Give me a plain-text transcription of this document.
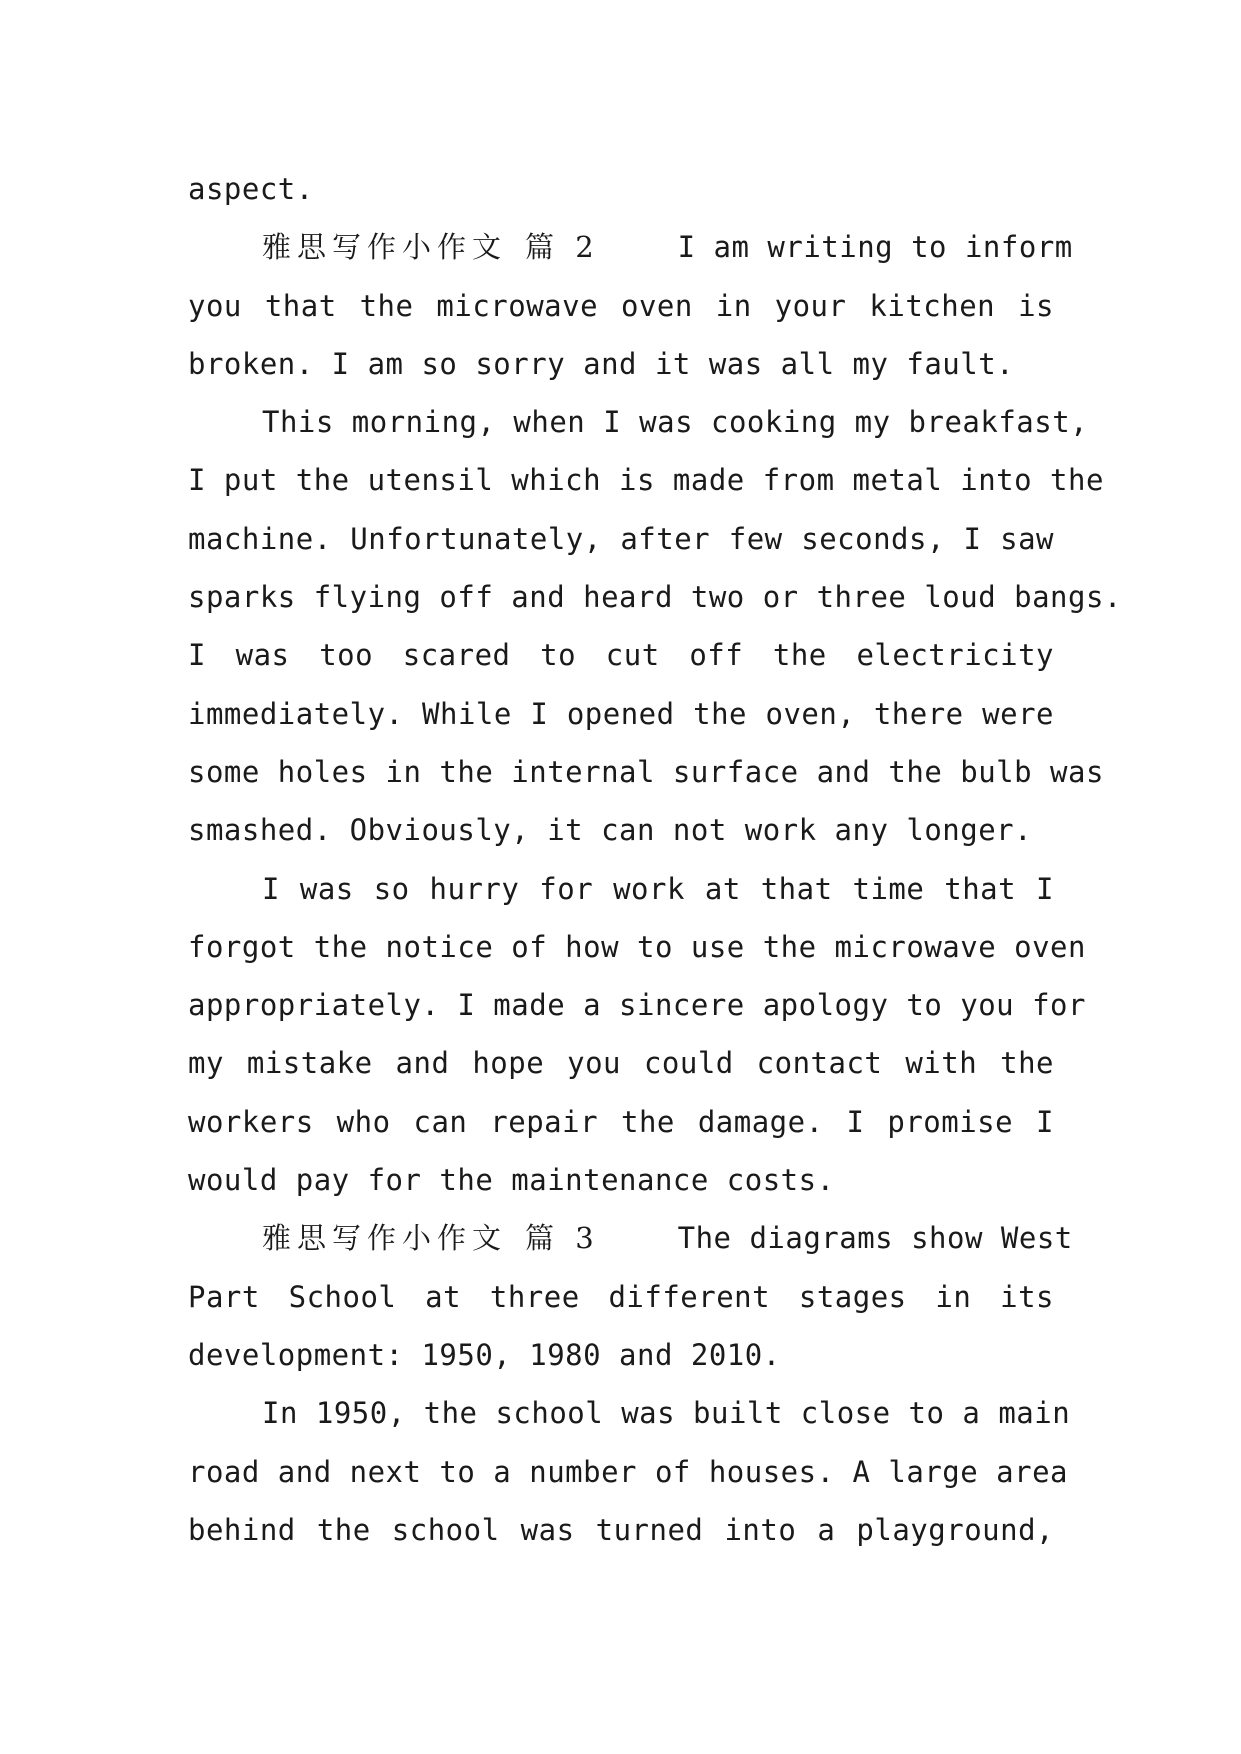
aspect.
雅思写作小作文 篇 2	I am writing to inform
you that the microwave oven in your kitchen is
broken. I am so sorry and it was all my fault.
This morning, when I was cooking my breakfast,
I put the utensil which is made from metal into the
machine. Unfortunately, after few seconds, I saw
sparks flying off and heard two or three loud bangs.
I was too scared to cut off the electricity
immediately. While I opened the oven, there were
some holes in the internal surface and the bulb was
smashed. Obviously, it can not work any longer.
I was so hurry for work at that time that I
forgot the notice of how to use the microwave oven
appropriately. I made a sincere apology to you for
my mistake and hope you could contact with the
workers who can repair the damage. I promise I
would pay for the maintenance costs.
雅思写作小作文 篇 3	The diagrams show West
Part School at three different stages in its
development: 1950, 1980 and 2010.
In 1950, the school was built close to a main
road and next to a number of houses. A large area
behind the school was turned into a playground,
